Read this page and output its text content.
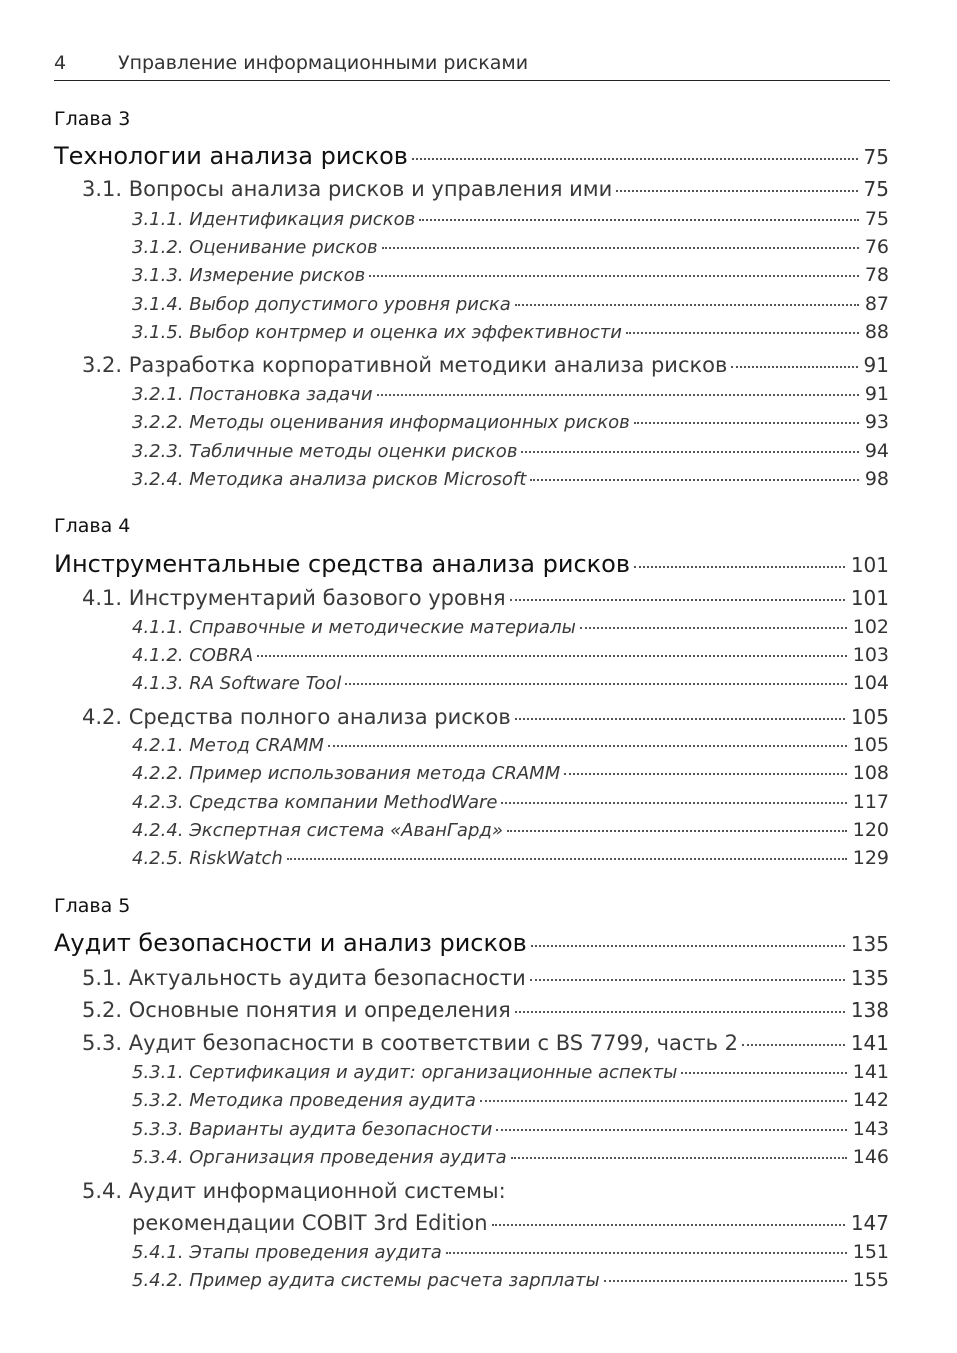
4	Управление информационными рисками
Глава 3
Технологии анализа рисков	75
3.1. Вопросы анализа рисков и управления ими	75
3.1.1. Идентификация рисков	75
3.1.2. Оценивание рисков	76
3.1.3. Измерение рисков	78
3.1.4. Выбор допустимого уровня риска	87
3.1.5. Выбор контрмер и оценка их эффективности	88
3.2. Разработка корпоративной методики анализа рисков	91
3.2.1. Постановка задачи	91
3.2.2. Методы оценивания информационных рисков	93
3.2.3. Табличные методы оценки рисков	94
3.2.4. Методика анализа рисков Microsoft	98
Глава 4
Инструментальные средства анализа рисков	101
4.1. Инструментарий базового уровня	101
4.1.1. Справочные и методические материалы	102
4.1.2. COBRA	103
4.1.3. RA Software Tool	104
4.2. Средства полного анализа рисков	105
4.2.1. Метод CRAMM	105
4.2.2. Пример использования метода CRAMM	108
4.2.3. Средства компании MethodWare	117
4.2.4. Экспертная система «АванГард»	120
4.2.5. RiskWatch	129
Глава 5
Аудит безопасности и анализ рисков	135
5.1. Актуальность аудита безопасности	135
5.2. Основные понятия и определения	138
5.3. Аудит безопасности в соответствии с BS 7799, часть 2	141
5.3.1. Сертификация и аудит: организационные аспекты	141
5.3.2. Методика проведения аудита	142
5.3.3. Варианты аудита безопасности	143
5.3.4. Организация проведения аудита	146
5.4. Аудит информационной системы:
рекомендации COBIT 3rd Edition	147
5.4.1. Этапы проведения аудита	151
5.4.2. Пример аудита системы расчета зарплаты	155
